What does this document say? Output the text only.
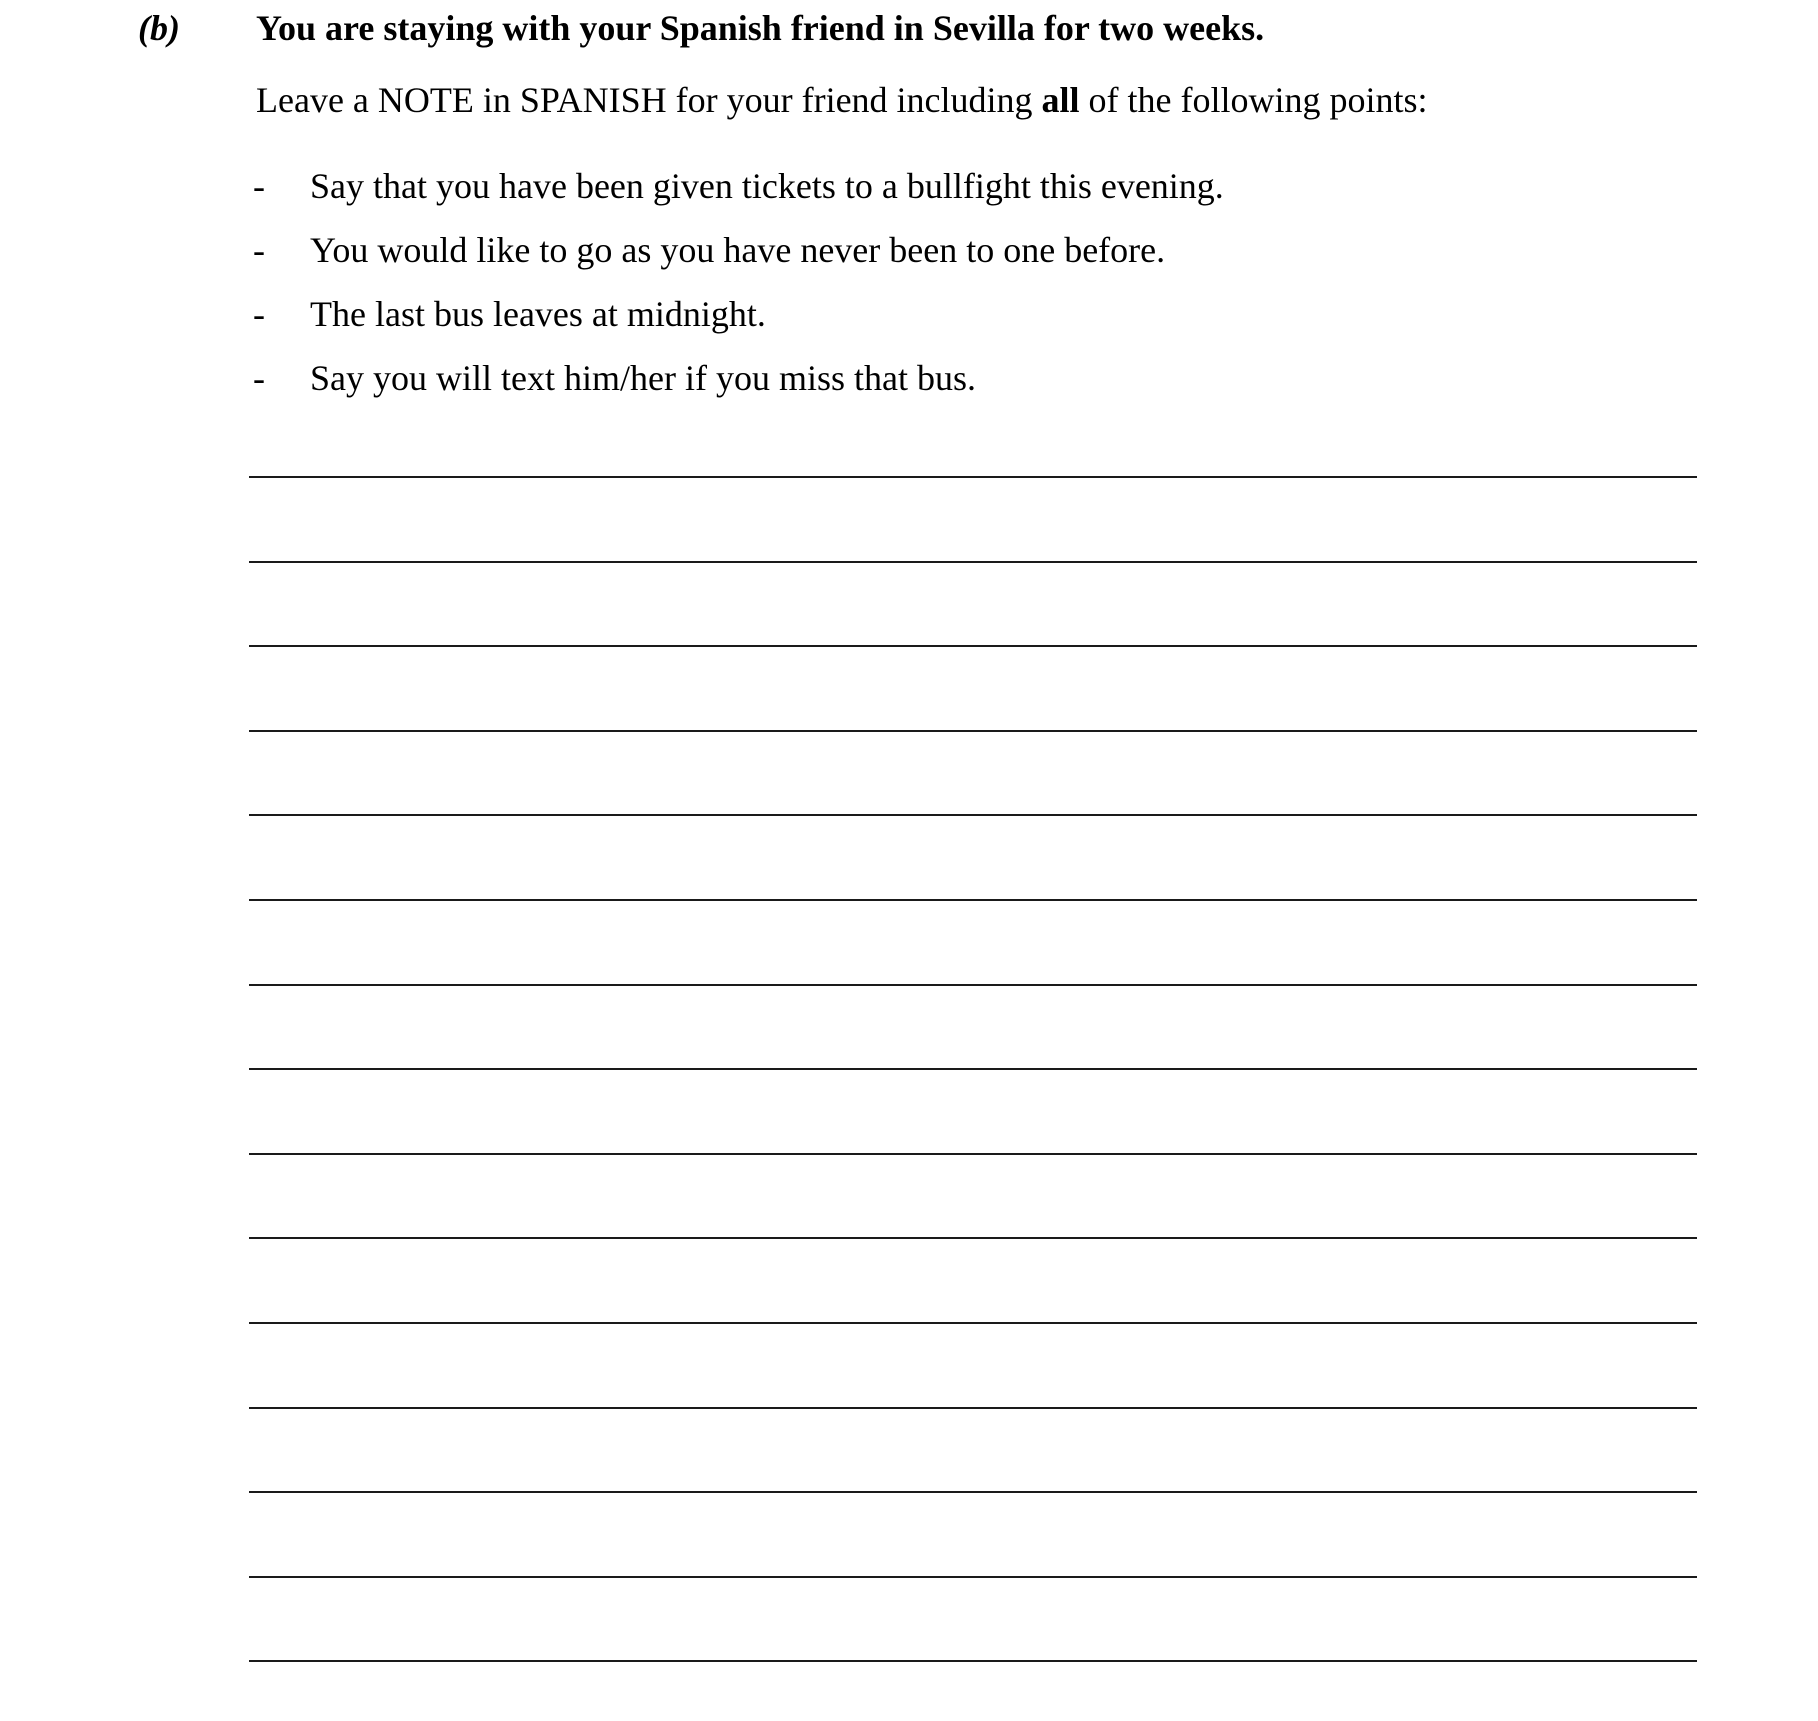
(b) You are staying with your Spanish friend in Sevilla for two weeks.
Leave a NOTE in SPANISH for your friend including all of the following points:
- Say that you have been given tickets to a bullfight this evening.
- You would like to go as you have never been to one before.
- The last bus leaves at midnight.
- Say you will text him/her if you miss that bus.
